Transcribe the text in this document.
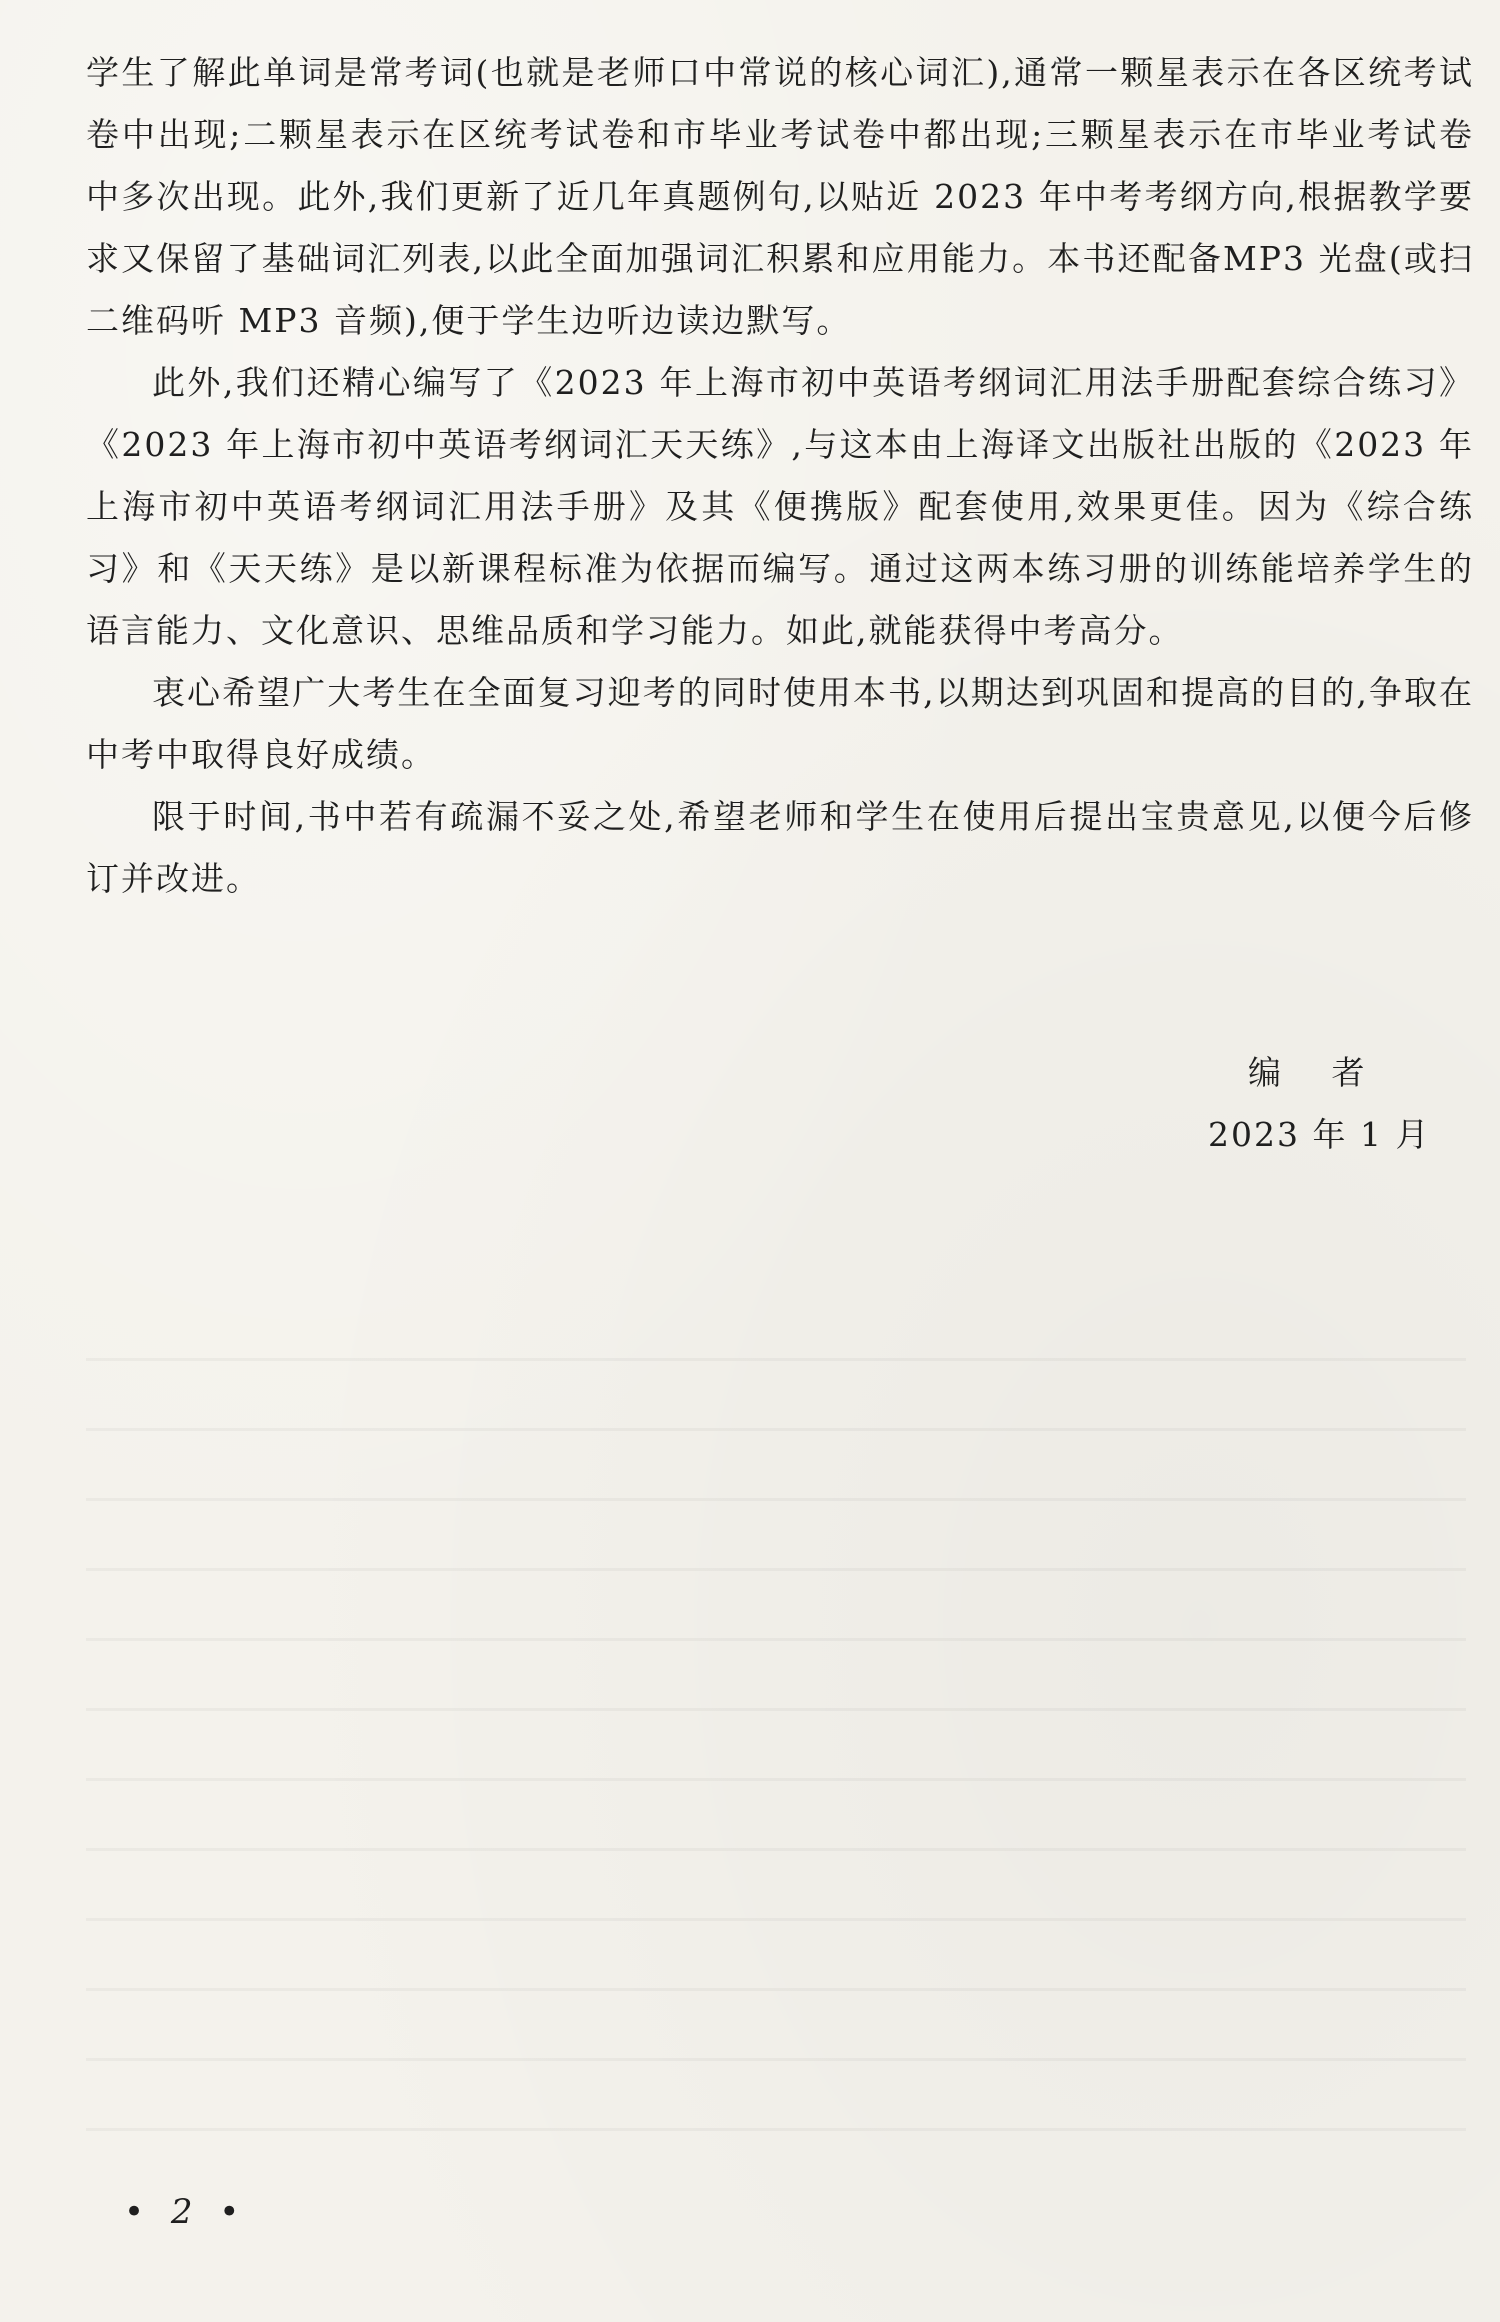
学生了解此单词是常考词(也就是老师口中常说的核心词汇),通常一颗星表示在各区统考试卷中出现;二颗星表示在区统考试卷和市毕业考试卷中都出现;三颗星表示在市毕业考试卷中多次出现。此外,我们更新了近几年真题例句,以贴近 2023 年中考考纲方向,根据教学要求又保留了基础词汇列表,以此全面加强词汇积累和应用能力。本书还配备MP3 光盘(或扫二维码听 MP3 音频),便于学生边听边读边默写。

此外,我们还精心编写了《2023 年上海市初中英语考纲词汇用法手册配套综合练习》《2023 年上海市初中英语考纲词汇天天练》,与这本由上海译文出版社出版的《2023 年上海市初中英语考纲词汇用法手册》及其《便携版》配套使用,效果更佳。因为《综合练习》和《天天练》是以新课程标准为依据而编写。通过这两本练习册的训练能培养学生的语言能力、文化意识、思维品质和学习能力。如此,就能获得中考高分。

衷心希望广大考生在全面复习迎考的同时使用本书,以期达到巩固和提高的目的,争取在中考中取得良好成绩。

限于时间,书中若有疏漏不妥之处,希望老师和学生在使用后提出宝贵意见,以便今后修订并改进。

编 者
2023 年 1 月
• 2 •
